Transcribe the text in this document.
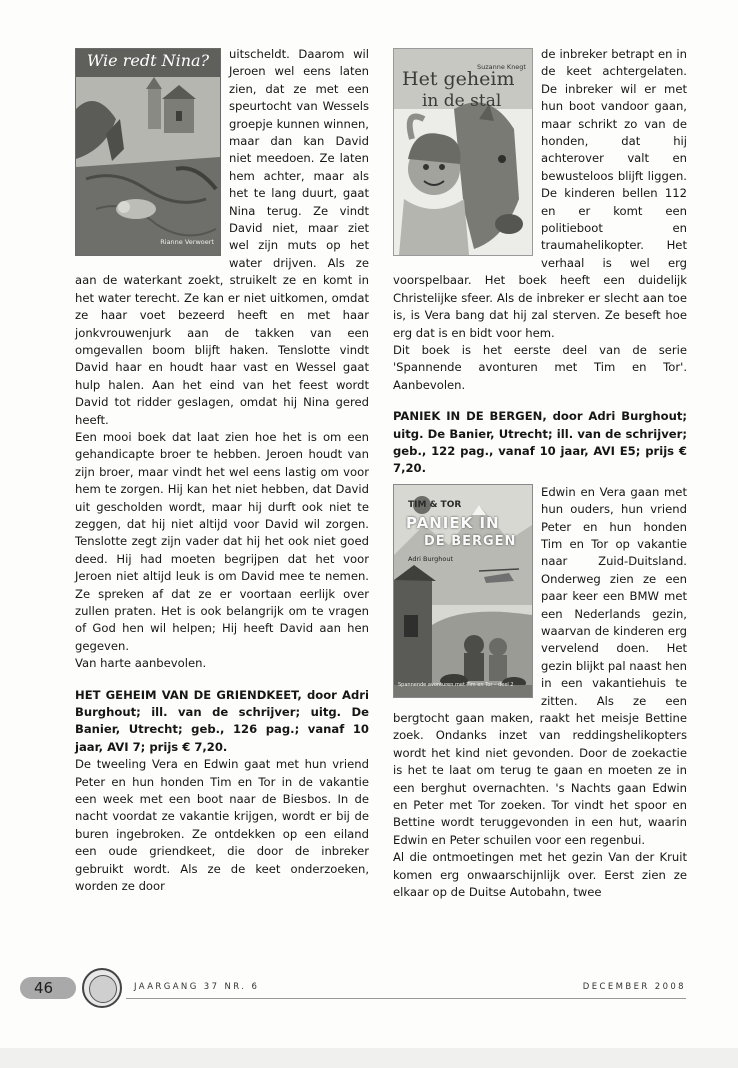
Wie redt Nina?
Rianne Verwoert

uitscheldt. Daarom wil Jeroen wel eens laten zien, dat ze met een speurtocht van Wessels groepje kunnen winnen, maar dan kan David niet meedoen. Ze laten hem achter, maar als het te lang duurt, gaat Nina terug. Ze vindt David niet, maar ziet wel zijn muts op het water drijven. Als ze aan de waterkant zoekt, struikelt ze en komt in het water terecht. Ze kan er niet uitkomen, omdat ze haar voet bezeerd heeft en met haar jonkvrouwenjurk aan de takken van een omgevallen boom blijft haken. Tenslotte vindt David haar en houdt haar vast en Wessel gaat hulp halen. Aan het eind van het feest wordt David tot ridder geslagen, omdat hij Nina gered heeft.

Een mooi boek dat laat zien hoe het is om een gehandicapte broer te hebben. Jeroen houdt van zijn broer, maar vindt het wel eens lastig om voor hem te zorgen. Hij kan het niet hebben, dat David uit gescholden wordt, maar hij durft ook niet te zeggen, dat hij niet altijd voor David wil zorgen. Tenslotte zegt zijn vader dat hij het ook niet goed deed. Hij had moeten begrijpen dat het voor Jeroen niet altijd leuk is om David mee te nemen. Ze spreken af dat ze er voortaan eerlijk over zullen praten. Het is ook belangrijk om te vragen of God hen wil helpen; Hij heeft David aan hen gegeven.

Van harte aanbevolen.

HET GEHEIM VAN DE GRIENDKEET, door Adri Burghout; ill. van de schrijver; uitg. De Banier, Utrecht; geb., 126 pag.; vanaf 10 jaar, AVI 7; prijs € 7,20.

De tweeling Vera en Edwin gaat met hun vriend Peter en hun honden Tim en Tor in de vakantie een week met een boot naar de Biesbos. In de nacht voordat ze vakantie krijgen, wordt er bij de buren ingebroken. Ze ontdekken op een eiland een oude griendkeet, die door de inbreker gebruikt wordt. Als ze de keet onderzoeken, worden ze door

Suzanne Knegt
Het geheim
in de stal

de inbreker betrapt en in de keet achtergelaten. De inbreker wil er met hun boot vandoor gaan, maar schrikt zo van de honden, dat hij achterover valt en bewusteloos blijft liggen. De kinderen bellen 112 en er komt een politieboot en traumahelikopter. Het verhaal is wel erg voorspelbaar. Het boek heeft een duidelijk Christelijke sfeer. Als de inbreker er slecht aan toe is, is Vera bang dat hij zal sterven. Ze beseft hoe erg dat is en bidt voor hem.

Dit boek is het eerste deel van de serie 'Spannende avonturen met Tim en Tor'. Aanbevolen.

PANIEK IN DE BERGEN, door Adri Burghout; uitg. De Banier, Utrecht; ill. van de schrijver; geb., 122 pag., vanaf 10 jaar, AVI E5; prijs € 7,20.

TIM & TOR
PANIEK IN
DE BERGEN
Adri Burghout
Spannende avonturen met Tim en Tor – deel 2

Edwin en Vera gaan met hun ouders, hun vriend Peter en hun honden Tim en Tor op vakantie naar Zuid-Duitsland. Onderweg zien ze een paar keer een BMW met een Nederlands gezin, waarvan de kinderen erg vervelend doen. Het gezin blijkt pal naast hen in een vakantiehuis te zitten. Als ze een bergtocht gaan maken, raakt het meisje Bettine zoek. Ondanks inzet van reddingshelikopters wordt het kind niet gevonden. Door de zoekactie is het te laat om terug te gaan en moeten ze in een berghut overnachten. 's Nachts gaan Edwin en Peter met Tor zoeken. Tor vindt het spoor en Bettine wordt teruggevonden in een hut, waarin Edwin en Peter schuilen voor een regenbui.

Al die ontmoetingen met het gezin Van der Kruit komen erg onwaarschijnlijk over. Eerst zien ze elkaar op de Duitse Autobahn, twee

46	JAARGANG 37 NR. 6	DECEMBER 2008
